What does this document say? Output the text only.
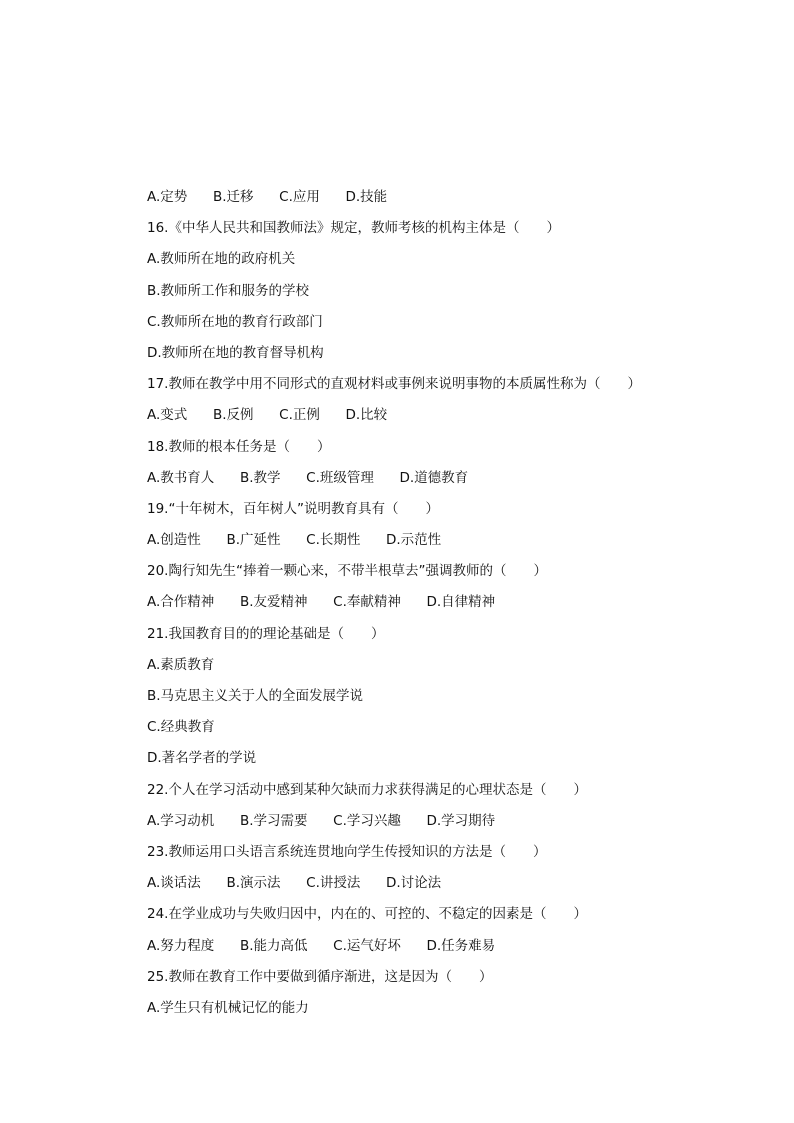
A.定势 B.迁移 C.应用 D.技能
16.《中华人民共和国教师法》规定，教师考核的机构主体是（　　）
A.教师所在地的政府机关
B.教师所工作和服务的学校
C.教师所在地的教育行政部门
D.教师所在地的教育督导机构
17.教师在教学中用不同形式的直观材料或事例来说明事物的本质属性称为（　　）
A.变式 B.反例 C.正例 D.比较
18.教师的根本任务是（　　）
A.教书育人 B.教学 C.班级管理 D.道德教育
19.“十年树木，百年树人”说明教育具有（　　）
A.创造性 B.广延性 C.长期性 D.示范性
20.陶行知先生“捧着一颗心来，不带半根草去”强调教师的（　　）
A.合作精神 B.友爱精神 C.奉献精神 D.自律精神
21.我国教育目的的理论基础是（　　）
A.素质教育
B.马克思主义关于人的全面发展学说
C.经典教育
D.著名学者的学说
22.个人在学习活动中感到某种欠缺而力求获得满足的心理状态是（　　）
A.学习动机 B.学习需要 C.学习兴趣 D.学习期待
23.教师运用口头语言系统连贯地向学生传授知识的方法是（　　）
A.谈话法 B.演示法 C.讲授法 D.讨论法
24.在学业成功与失败归因中，内在的、可控的、不稳定的因素是（　　）
A.努力程度 B.能力高低 C.运气好坏 D.任务难易
25.教师在教育工作中要做到循序渐进，这是因为（　　）
A.学生只有机械记忆的能力
